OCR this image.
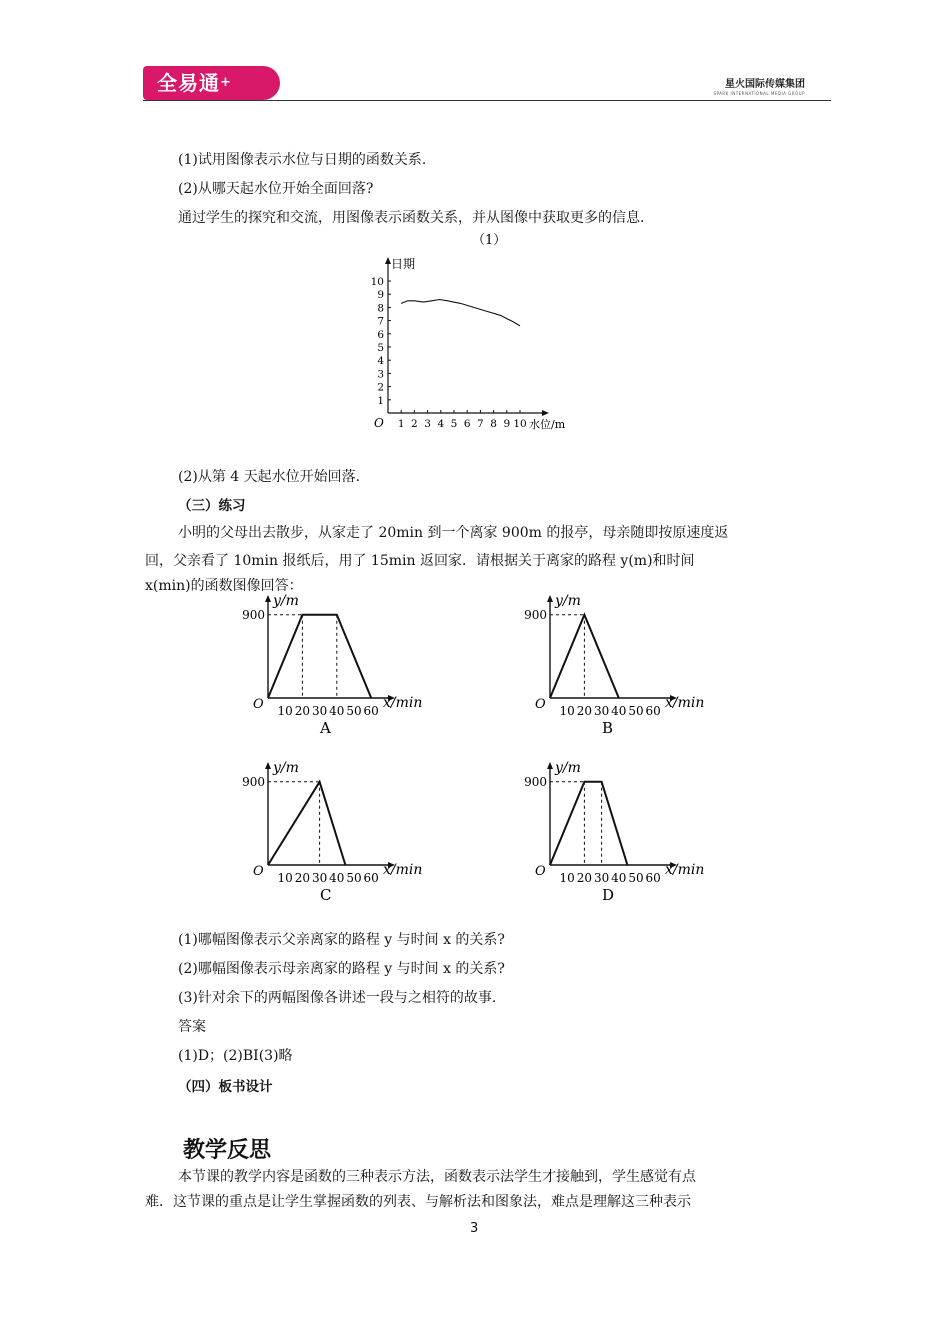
全易通+	星火国际传媒集团
SPARK INTERNATIONAL MEDIA GROUP
(1)试用图像表示水位与日期的函数关系.
(2)从哪天起水位开始全面回落?
通过学生的探究和交流，用图像表示函数关系，并从图像中获取更多的信息.
（1）
日期
水位/m
O 1 2 3 4 5 6 7 8 9 10
1
2
3
4
5
6
7
8
9
10
(2)从第 4 天起水位开始回落.
（三）练习
小明的父母出去散步，从家走了 20min 到一个离家 900m 的报亭，母亲随即按原速度返
回，父亲看了 10min 报纸后，用了 15min 返回家．请根据关于离家的路程 y(m)和时间
x(min)的函数图像回答：
y/m
x/min
O
900
10 20 30 40 50 60
A
y/m
x/min
O
900
10 20 30 40 50 60
B
y/m
x/min
O
900
10 20 30 40 50 60
C
y/m
x/min
O
900
10 20 30 40 50 60
D
(1)哪幅图像表示父亲离家的路程 y 与时间 x 的关系?
(2)哪幅图像表示母亲离家的路程 y 与时间 x 的关系?
(3)针对余下的两幅图像各讲述一段与之相符的故事.
答案
(1)D；(2)BI(3)略
（四）板书设计
教学反思
本节课的教学内容是函数的三种表示方法，函数表示法学生才接触到，学生感觉有点
难．这节课的重点是让学生掌握函数的列表、与解析法和图象法，难点是理解这三种表示
3
